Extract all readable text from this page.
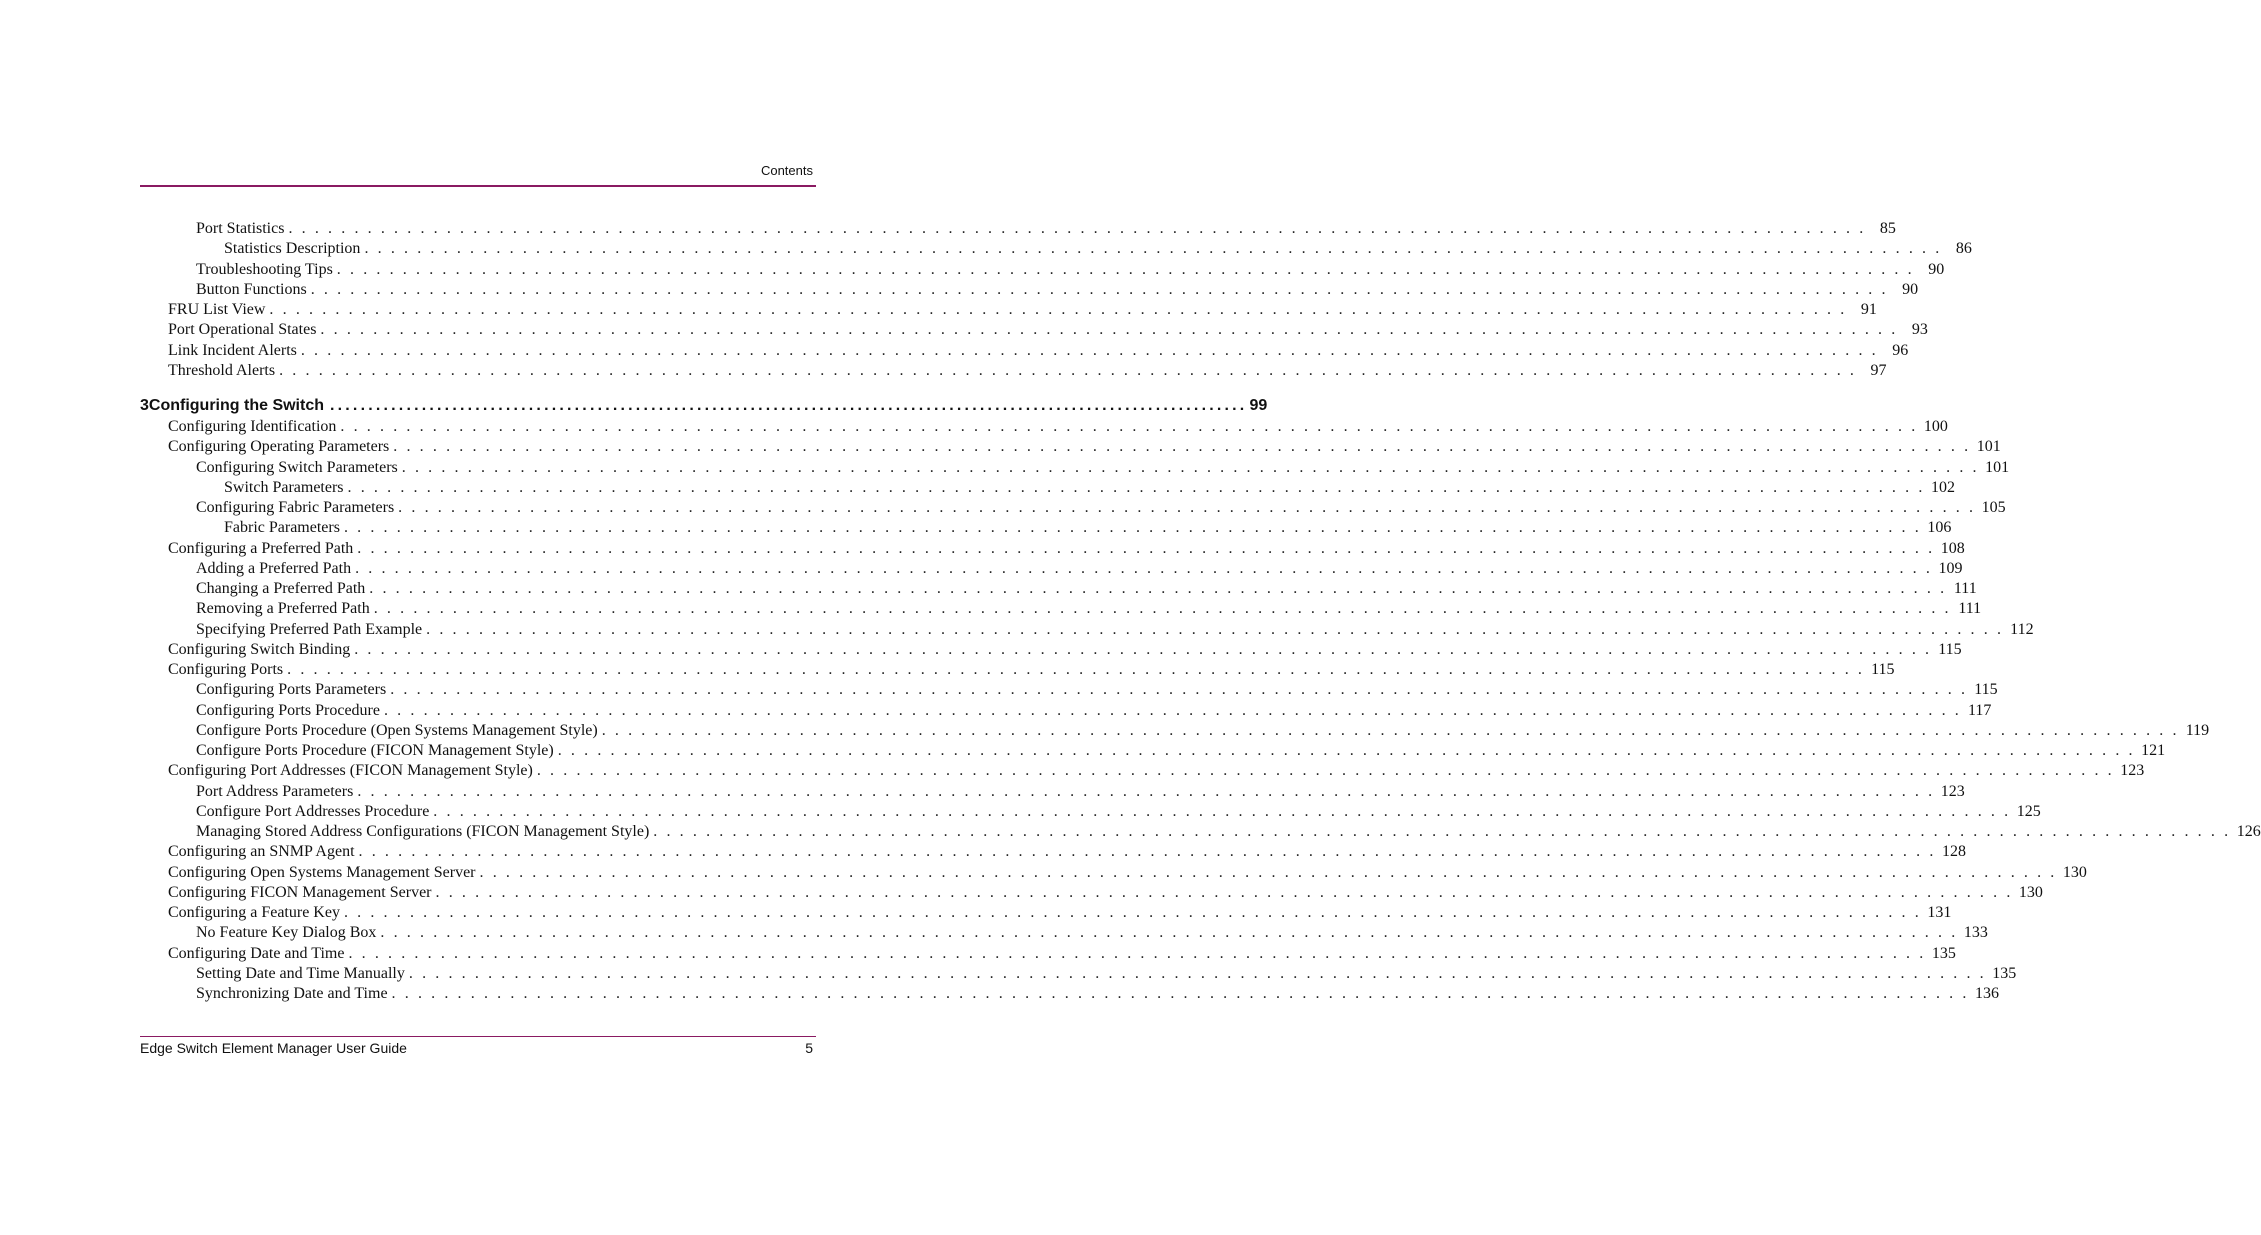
Contents
Port Statistics . . . . . . . . . . . . . . . . . . . . . . . . . . . . . . . . . . . . . . . . . . . . . . . . . . . . . . . . . . . . . . . . . . . . . . . . . . . . . . . . . . . . . . . . . . . . . . . . . . . . . . . . . . . . . . . . . . . . . . . . 85
Statistics Description . . . . . . . . . . . . . . . . . . . . . . . . . . . . . . . . . . . . . . . . . . . . . . . . . . . . . . . . . . . . . . . . . . . . . . . . . . . . . . . . . . . . . . . . . . . . . . . . . . . . . . . . . . . . . . . . . . . . . . . . 86
Troubleshooting Tips . . . . . . . . . . . . . . . . . . . . . . . . . . . . . . . . . . . . . . . . . . . . . . . . . . . . . . . . . . . . . . . . . . . . . . . . . . . . . . . . . . . . . . . . . . . . . . . . . . . . . . . . . . . . . . . . . . . . . . . . 90
Button Functions . . . . . . . . . . . . . . . . . . . . . . . . . . . . . . . . . . . . . . . . . . . . . . . . . . . . . . . . . . . . . . . . . . . . . . . . . . . . . . . . . . . . . . . . . . . . . . . . . . . . . . . . . . . . . . . . . . . . . . . . 90
FRU List View . . . . . . . . . . . . . . . . . . . . . . . . . . . . . . . . . . . . . . . . . . . . . . . . . . . . . . . . . . . . . . . . . . . . . . . . . . . . . . . . . . . . . . . . . . . . . . . . . . . . . . . . . . . . . . . . . . . . . . . . 91
Port Operational States . . . . . . . . . . . . . . . . . . . . . . . . . . . . . . . . . . . . . . . . . . . . . . . . . . . . . . . . . . . . . . . . . . . . . . . . . . . . . . . . . . . . . . . . . . . . . . . . . . . . . . . . . . . . . . . . . . . . . . . . 93
Link Incident Alerts . . . . . . . . . . . . . . . . . . . . . . . . . . . . . . . . . . . . . . . . . . . . . . . . . . . . . . . . . . . . . . . . . . . . . . . . . . . . . . . . . . . . . . . . . . . . . . . . . . . . . . . . . . . . . . . . . . . . . . . . 96
Threshold Alerts . . . . . . . . . . . . . . . . . . . . . . . . . . . . . . . . . . . . . . . . . . . . . . . . . . . . . . . . . . . . . . . . . . . . . . . . . . . . . . . . . . . . . . . . . . . . . . . . . . . . . . . . . . . . . . . . . . . . . . . . 97
3 Configuring the Switch ........................................................................................................................ 99
Configuring Identification . . . . . . . . . . . . . . . . . . . . . . . . . . . . . . . . . . . . . . . . . . . . . . . . . . . . . . . . . . . . . . . . . . . . . . . . . . . . . . . . . . . . . . . . . . . . . . . . . . . . . . . . . . . . . . . . . . . . . . . . 100
Configuring Operating Parameters . . . . . . . . . . . . . . . . . . . . . . . . . . . . . . . . . . . . . . . . . . . . . . . . . . . . . . . . . . . . . . . . . . . . . . . . . . . . . . . . . . . . . . . . . . . . . . . . . . . . . . . . . . . . . . . . . . . . . . . . 101
Configuring Switch Parameters . . . . . . . . . . . . . . . . . . . . . . . . . . . . . . . . . . . . . . . . . . . . . . . . . . . . . . . . . . . . . . . . . . . . . . . . . . . . . . . . . . . . . . . . . . . . . . . . . . . . . . . . . . . . . . . . . . . . . . . . 101
Switch Parameters . . . . . . . . . . . . . . . . . . . . . . . . . . . . . . . . . . . . . . . . . . . . . . . . . . . . . . . . . . . . . . . . . . . . . . . . . . . . . . . . . . . . . . . . . . . . . . . . . . . . . . . . . . . . . . . . . . . . . . . . 102
Configuring Fabric Parameters . . . . . . . . . . . . . . . . . . . . . . . . . . . . . . . . . . . . . . . . . . . . . . . . . . . . . . . . . . . . . . . . . . . . . . . . . . . . . . . . . . . . . . . . . . . . . . . . . . . . . . . . . . . . . . . . . . . . . . . . 105
Fabric Parameters . . . . . . . . . . . . . . . . . . . . . . . . . . . . . . . . . . . . . . . . . . . . . . . . . . . . . . . . . . . . . . . . . . . . . . . . . . . . . . . . . . . . . . . . . . . . . . . . . . . . . . . . . . . . . . . . . . . . . . . . 106
Configuring a Preferred Path . . . . . . . . . . . . . . . . . . . . . . . . . . . . . . . . . . . . . . . . . . . . . . . . . . . . . . . . . . . . . . . . . . . . . . . . . . . . . . . . . . . . . . . . . . . . . . . . . . . . . . . . . . . . . . . . . . . . . . . . 108
Adding a Preferred Path . . . . . . . . . . . . . . . . . . . . . . . . . . . . . . . . . . . . . . . . . . . . . . . . . . . . . . . . . . . . . . . . . . . . . . . . . . . . . . . . . . . . . . . . . . . . . . . . . . . . . . . . . . . . . . . . . . . . . . . . 109
Changing a Preferred Path . . . . . . . . . . . . . . . . . . . . . . . . . . . . . . . . . . . . . . . . . . . . . . . . . . . . . . . . . . . . . . . . . . . . . . . . . . . . . . . . . . . . . . . . . . . . . . . . . . . . . . . . . . . . . . . . . . . . . . . . 111
Removing a Preferred Path . . . . . . . . . . . . . . . . . . . . . . . . . . . . . . . . . . . . . . . . . . . . . . . . . . . . . . . . . . . . . . . . . . . . . . . . . . . . . . . . . . . . . . . . . . . . . . . . . . . . . . . . . . . . . . . . . . . . . . . . 111
Specifying Preferred Path Example . . . . . . . . . . . . . . . . . . . . . . . . . . . . . . . . . . . . . . . . . . . . . . . . . . . . . . . . . . . . . . . . . . . . . . . . . . . . . . . . . . . . . . . . . . . . . . . . . . . . . . . . . . . . . . . . . . . . . . . . 112
Configuring Switch Binding . . . . . . . . . . . . . . . . . . . . . . . . . . . . . . . . . . . . . . . . . . . . . . . . . . . . . . . . . . . . . . . . . . . . . . . . . . . . . . . . . . . . . . . . . . . . . . . . . . . . . . . . . . . . . . . . . . . . . . . . 115
Configuring Ports . . . . . . . . . . . . . . . . . . . . . . . . . . . . . . . . . . . . . . . . . . . . . . . . . . . . . . . . . . . . . . . . . . . . . . . . . . . . . . . . . . . . . . . . . . . . . . . . . . . . . . . . . . . . . . . . . . . . . . . . 115
Configuring Ports Parameters . . . . . . . . . . . . . . . . . . . . . . . . . . . . . . . . . . . . . . . . . . . . . . . . . . . . . . . . . . . . . . . . . . . . . . . . . . . . . . . . . . . . . . . . . . . . . . . . . . . . . . . . . . . . . . . . . . . . . . . . 115
Configuring Ports Procedure . . . . . . . . . . . . . . . . . . . . . . . . . . . . . . . . . . . . . . . . . . . . . . . . . . . . . . . . . . . . . . . . . . . . . . . . . . . . . . . . . . . . . . . . . . . . . . . . . . . . . . . . . . . . . . . . . . . . . . . . 117
Configure Ports Procedure (Open Systems Management Style) . . . . . . . . . . . . . . . . . . . . . . . . . . . . . . . . . . . . . . . . . . . . . . . . . . . . . . . . . . . . . . . . . . . . . . . . . . . . . . . . . . . . . . . . . . . . . . . . . . . . . . . . . . . . . . . . . . . . . . . . 119
Configure Ports Procedure (FICON Management Style) . . . . . . . . . . . . . . . . . . . . . . . . . . . . . . . . . . . . . . . . . . . . . . . . . . . . . . . . . . . . . . . . . . . . . . . . . . . . . . . . . . . . . . . . . . . . . . . . . . . . . . . . . . . . . . . . . . . . . . . . 121
Configuring Port Addresses (FICON Management Style) . . . . . . . . . . . . . . . . . . . . . . . . . . . . . . . . . . . . . . . . . . . . . . . . . . . . . . . . . . . . . . . . . . . . . . . . . . . . . . . . . . . . . . . . . . . . . . . . . . . . . . . . . . . . . . . . . . . . . . . . 123
Port Address Parameters . . . . . . . . . . . . . . . . . . . . . . . . . . . . . . . . . . . . . . . . . . . . . . . . . . . . . . . . . . . . . . . . . . . . . . . . . . . . . . . . . . . . . . . . . . . . . . . . . . . . . . . . . . . . . . . . . . . . . . . . 123
Configure Port Addresses Procedure . . . . . . . . . . . . . . . . . . . . . . . . . . . . . . . . . . . . . . . . . . . . . . . . . . . . . . . . . . . . . . . . . . . . . . . . . . . . . . . . . . . . . . . . . . . . . . . . . . . . . . . . . . . . . . . . . . . . . . . . 125
Managing Stored Address Configurations (FICON Management Style) . . . . . . . . . . . . . . . . . . . . . . . . . . . . . . . . . . . . . . . . . . . . . . . . . . . . . . . . . . . . . . . . . . . . . . . . . . . . . . . . . . . . . . . . . . . . . . . . . . . . . . . . . . . . . . . . . . . . . . . . 126
Configuring an SNMP Agent . . . . . . . . . . . . . . . . . . . . . . . . . . . . . . . . . . . . . . . . . . . . . . . . . . . . . . . . . . . . . . . . . . . . . . . . . . . . . . . . . . . . . . . . . . . . . . . . . . . . . . . . . . . . . . . . . . . . . . . . 128
Configuring Open Systems Management Server . . . . . . . . . . . . . . . . . . . . . . . . . . . . . . . . . . . . . . . . . . . . . . . . . . . . . . . . . . . . . . . . . . . . . . . . . . . . . . . . . . . . . . . . . . . . . . . . . . . . . . . . . . . . . . . . . . . . . . . . 130
Configuring FICON Management Server . . . . . . . . . . . . . . . . . . . . . . . . . . . . . . . . . . . . . . . . . . . . . . . . . . . . . . . . . . . . . . . . . . . . . . . . . . . . . . . . . . . . . . . . . . . . . . . . . . . . . . . . . . . . . . . . . . . . . . . . 130
Configuring a Feature Key . . . . . . . . . . . . . . . . . . . . . . . . . . . . . . . . . . . . . . . . . . . . . . . . . . . . . . . . . . . . . . . . . . . . . . . . . . . . . . . . . . . . . . . . . . . . . . . . . . . . . . . . . . . . . . . . . . . . . . . . 131
No Feature Key Dialog Box . . . . . . . . . . . . . . . . . . . . . . . . . . . . . . . . . . . . . . . . . . . . . . . . . . . . . . . . . . . . . . . . . . . . . . . . . . . . . . . . . . . . . . . . . . . . . . . . . . . . . . . . . . . . . . . . . . . . . . . . 133
Configuring Date and Time . . . . . . . . . . . . . . . . . . . . . . . . . . . . . . . . . . . . . . . . . . . . . . . . . . . . . . . . . . . . . . . . . . . . . . . . . . . . . . . . . . . . . . . . . . . . . . . . . . . . . . . . . . . . . . . . . . . . . . . . 135
Setting Date and Time Manually . . . . . . . . . . . . . . . . . . . . . . . . . . . . . . . . . . . . . . . . . . . . . . . . . . . . . . . . . . . . . . . . . . . . . . . . . . . . . . . . . . . . . . . . . . . . . . . . . . . . . . . . . . . . . . . . . . . . . . . . 135
Synchronizing Date and Time . . . . . . . . . . . . . . . . . . . . . . . . . . . . . . . . . . . . . . . . . . . . . . . . . . . . . . . . . . . . . . . . . . . . . . . . . . . . . . . . . . . . . . . . . . . . . . . . . . . . . . . . . . . . . . . . . . . . . . . . 136
Edge Switch Element Manager User Guide	5
